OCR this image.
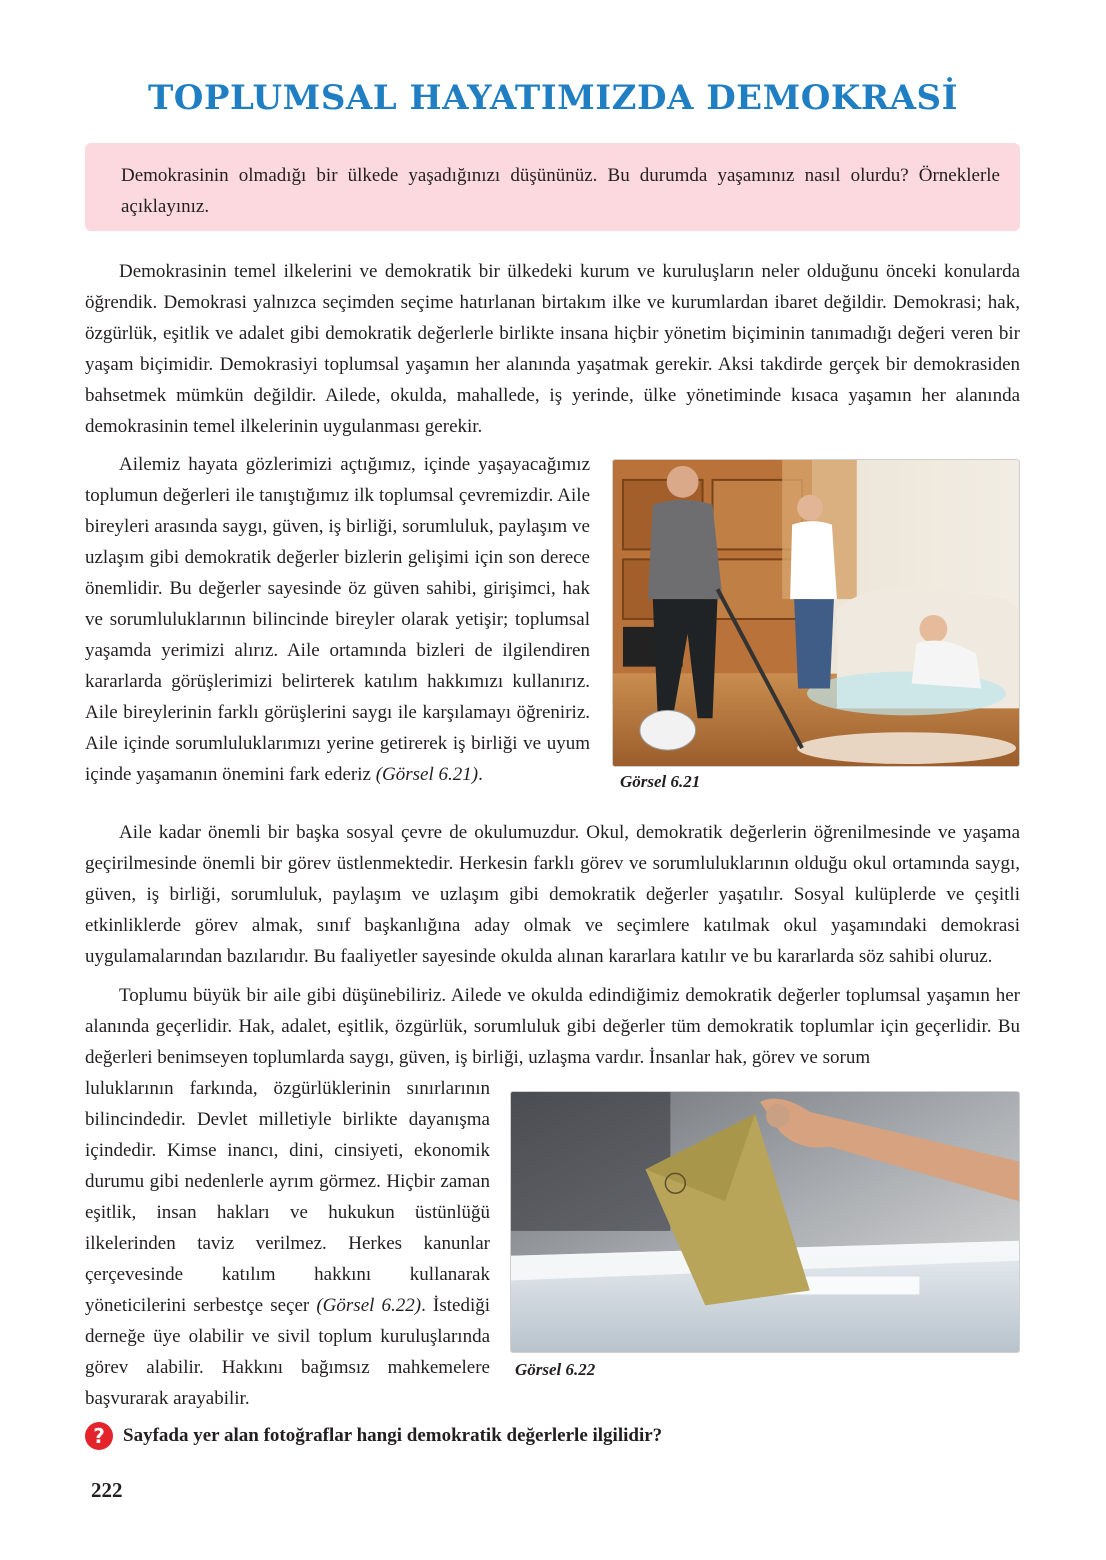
TOPLUMSAL HAYATIMIZDA DEMOKRASİ
Demokrasinin olmadığı bir ülkede yaşadığınızı düşününüz. Bu durumda yaşamınız nasıl olurdu? Örneklerle açıklayınız.

Demokrasinin temel ilkelerini ve demokratik bir ülkedeki kurum ve kuruluşların neler olduğunu önceki konularda öğrendik. Demokrasi yalnızca seçimden seçime hatırlanan birtakım ilke ve kurumlardan ibaret değildir. Demokrasi; hak, özgürlük, eşitlik ve adalet gibi demokratik değerlerle birlikte insana hiçbir yönetim biçiminin tanımadığı değeri veren bir yaşam biçimidir. Demokrasiyi toplumsal yaşamın her alanında yaşatmak gerekir. Aksi takdirde gerçek bir demokrasiden bahsetmek mümkün değildir. Ailede, okulda, mahallede, iş yerinde, ülke yönetiminde kısaca yaşamın her alanında demokrasinin temel ilkelerinin uygulanması gerekir.

Ailemiz hayata gözlerimizi açtığımız, içinde yaşayacağımız toplumun değerleri ile tanıştığımız ilk toplumsal çevremizdir. Aile bireyleri arasında saygı, güven, iş birliği, sorumluluk, paylaşım ve uzlaşım gibi demokratik değerler bizlerin gelişimi için son derece önemlidir. Bu değerler sayesinde öz güven sahibi, girişimci, hak ve sorumluluklarının bilincinde bireyler olarak yetişir; toplumsal yaşamda yerimizi alırız. Aile ortamında bizleri de ilgilendiren kararlarda görüşlerimizi belirterek katılım hakkımızı kullanırız. Aile bireylerinin farklı görüşlerini saygı ile karşılamayı öğreniriz. Aile içinde sorumluluklarımızı yerine getirerek iş birliği ve uyum içinde yaşamanın önemini fark ederiz (Görsel 6.21).	Görsel 6.21

Aile kadar önemli bir başka sosyal çevre de okulumuzdur. Okul, demokratik değerlerin öğrenilmesinde ve yaşama geçirilmesinde önemli bir görev üstlenmektedir. Herkesin farklı görev ve sorumluluklarının olduğu okul ortamında saygı, güven, iş birliği, sorumluluk, paylaşım ve uzlaşım gibi demokratik değerler yaşatılır. Sosyal kulüplerde ve çeşitli etkinliklerde görev almak, sınıf başkanlığına aday olmak ve seçimlere katılmak okul yaşamındaki demokrasi uygulamalarından bazılarıdır. Bu faaliyetler sayesinde okulda alınan kararlara katılır ve bu kararlarda söz sahibi oluruz.

Toplumu büyük bir aile gibi düşünebiliriz. Ailede ve okulda edindiğimiz demokratik değerler toplumsal yaşamın her alanında geçerlidir. Hak, adalet, eşitlik, özgürlük, sorumluluk gibi değerler tüm demokratik toplumlar için geçerlidir. Bu değerleri benimseyen toplumlarda saygı, güven, iş birliği, uzlaşma vardır. İnsanlar hak, görev ve sorum

luluklarının farkında, özgürlüklerinin sınırlarının bilincindedir. Devlet milletiyle birlikte dayanışma içindedir. Kimse inancı, dini, cinsiyeti, ekonomik durumu gibi nedenlerle ayrım görmez. Hiçbir zaman eşitlik, insan hakları ve hukukun üstünlüğü ilkelerinden taviz verilmez. Herkes kanunlar çerçevesinde katılım hakkını kullanarak yöneticilerini serbestçe seçer (Görsel 6.22). İstediği derneğe üye olabilir ve sivil toplum kuruluşlarında görev alabilir. Hakkını bağımsız mahkemelere başvurarak arayabilir.

Görsel 6.22
? Sayfada yer alan fotoğraflar hangi demokratik değerlerle ilgilidir?
222
